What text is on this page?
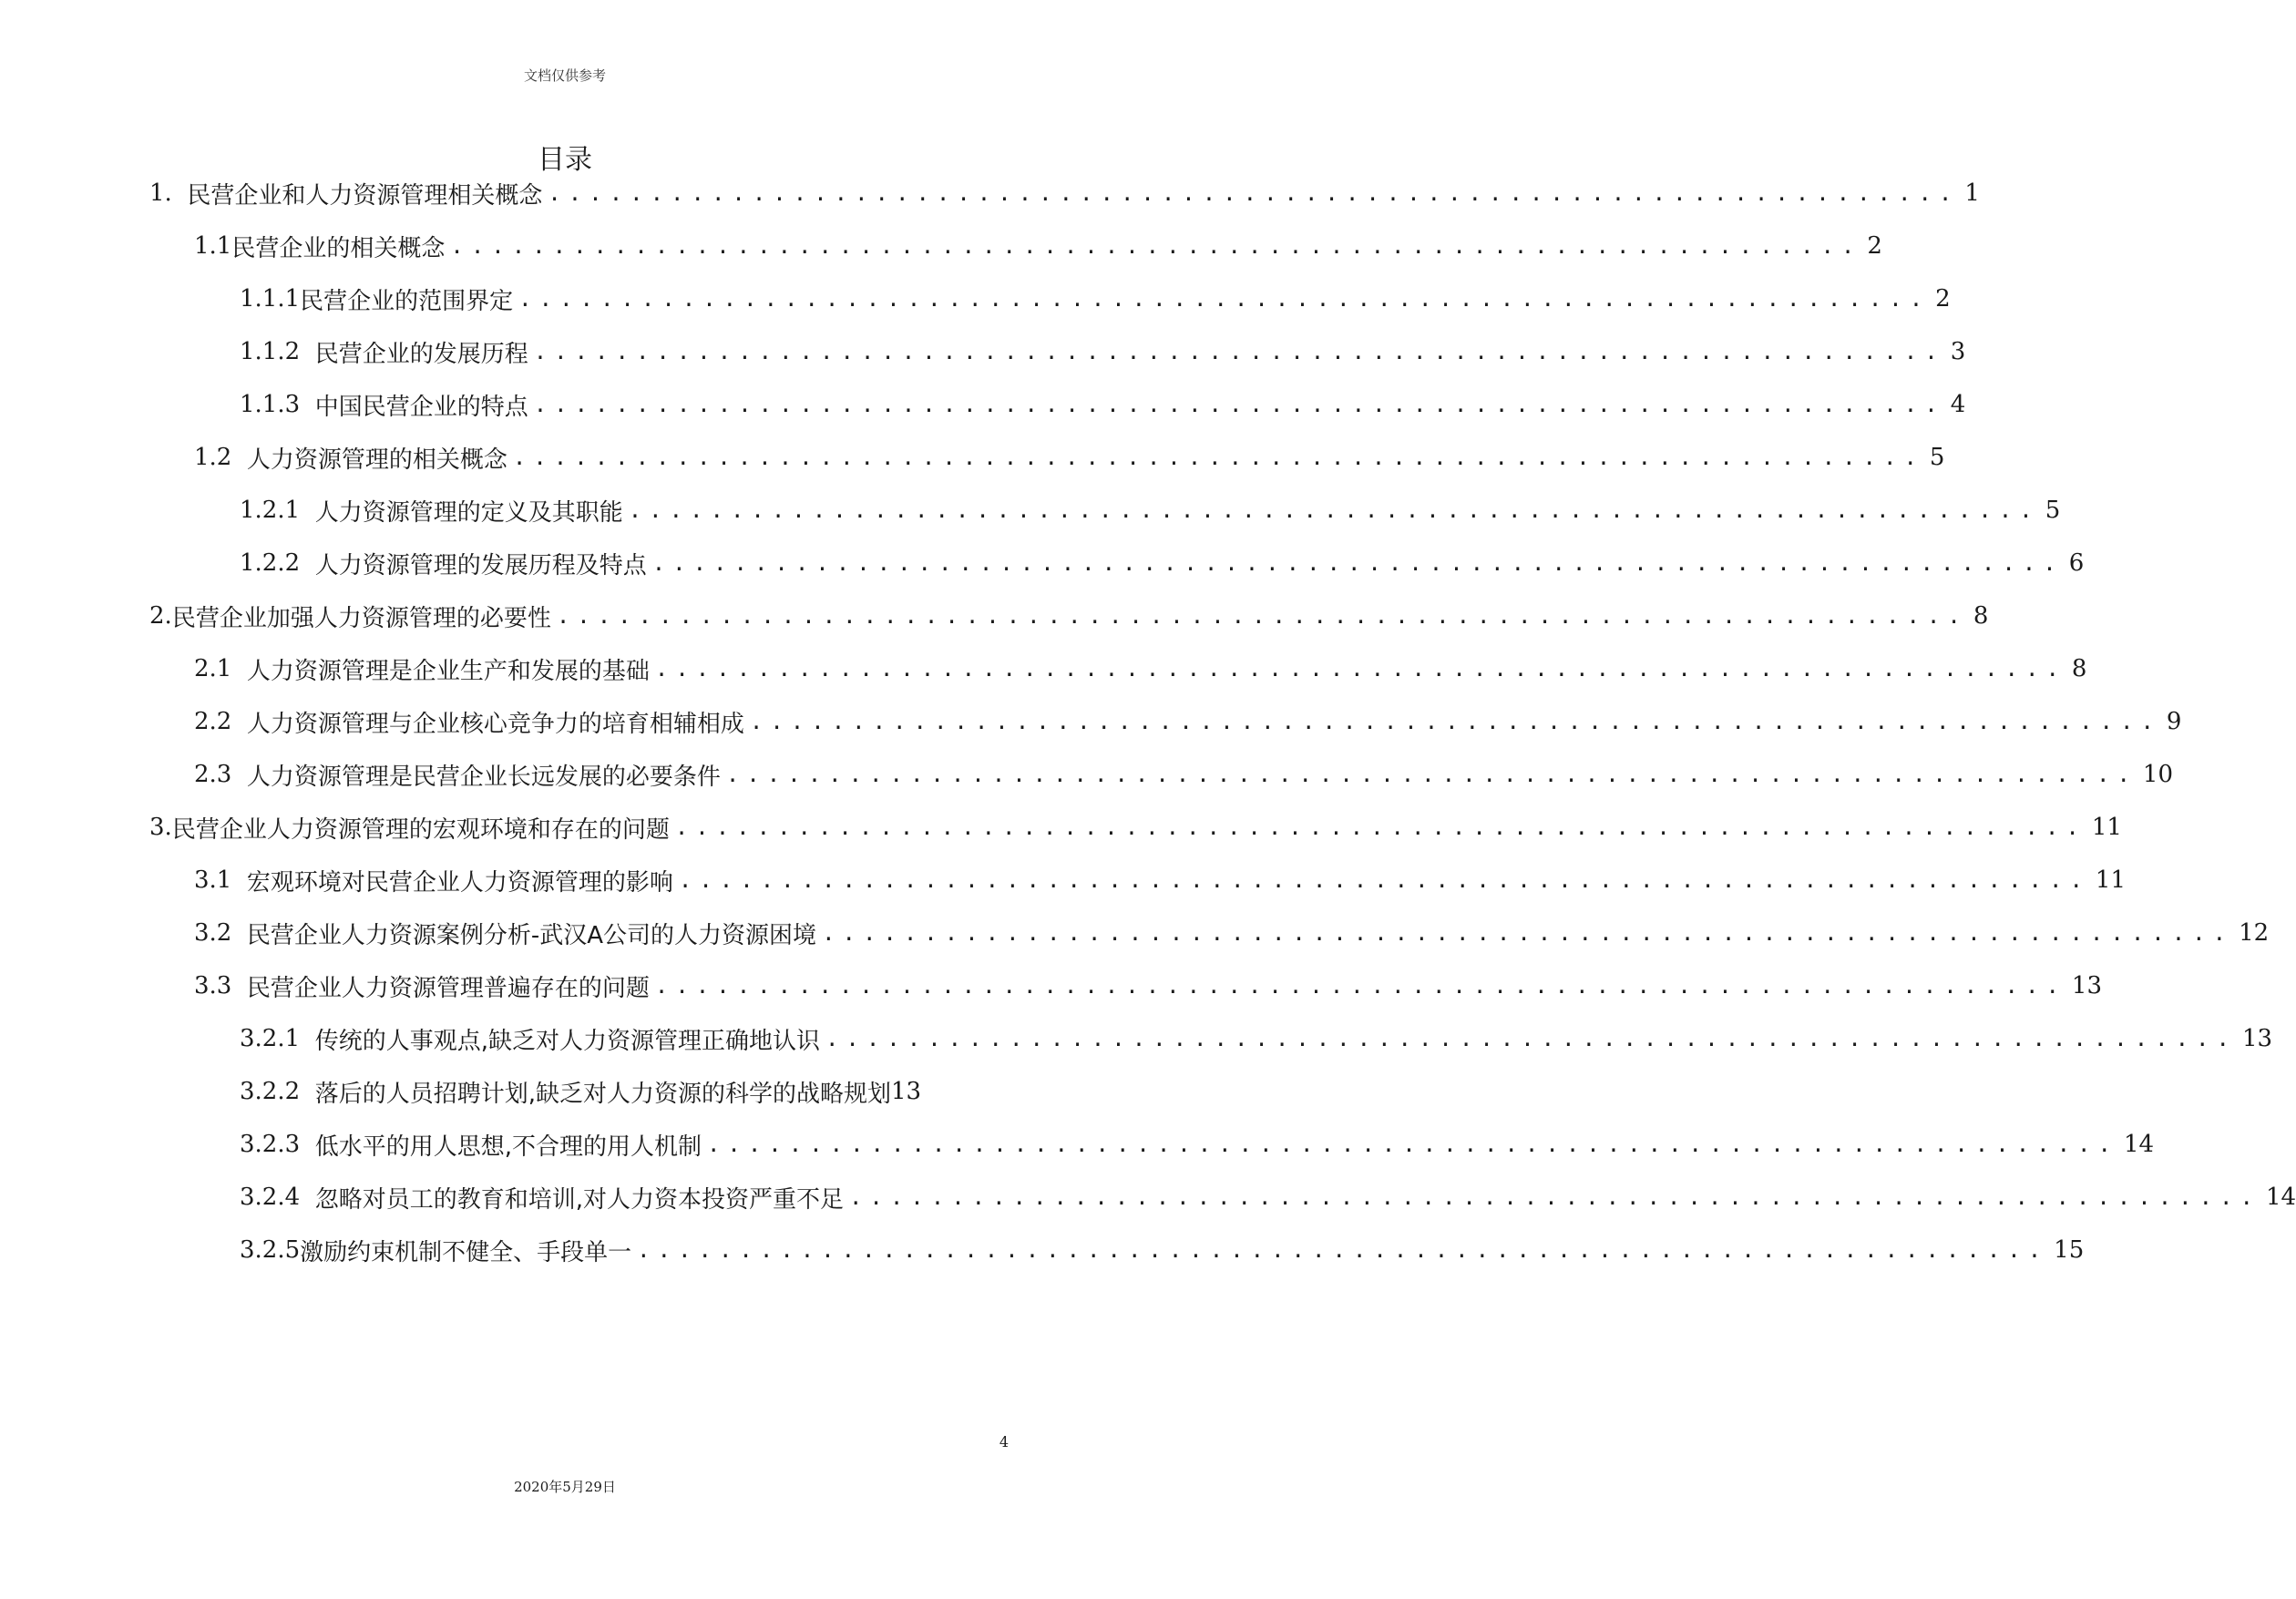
文档仅供参考
目录
1.
民营企业和人力资源管理相关概念 ..................................................................... 1
1.1 民营企业的相关概念 ..................................................................... 2
1.1.1 民营企业的范围界定 ..................................................................... 2
1.1.2
民营企业的发展历程 ..................................................................... 3
1.1.3
中国民营企业的特点 ..................................................................... 4
1.2
人力资源管理的相关概念 ..................................................................... 5
1.2.1
人力资源管理的定义及其职能 ..................................................................... 5
1.2.2
人力资源管理的发展历程及特点 ..................................................................... 6
2. 民营企业加强人力资源管理的必要性 ..................................................................... 8
2.1
人力资源管理是企业生产和发展的基础 ..................................................................... 8
2.2
人力资源管理与企业核心竞争力的培育相辅相成 ..................................................................... 9
2.3
人力资源管理是民营企业长远发展的必要条件 ..................................................................... 10
3. 民营企业人力资源管理的宏观环境和存在的问题 ..................................................................... 11
3.1
宏观环境对民营企业人力资源管理的影响 ..................................................................... 11
3.2
民营企业人力资源案例分析-武汉A公司的人力资源困境 ..................................................................... 12
3.3
民营企业人力资源管理普遍存在的问题 ..................................................................... 13
3.2.1
传统的人事观点,缺乏对人力资源管理正确地认识 ..................................................................... 13
3.2.2
落后的人员招聘计划,缺乏对人力资源的科学的战略规划 13
3.2.3
低水平的用人思想,不合理的用人机制 ..................................................................... 14
3.2.4
忽略对员工的教育和培训,对人力资本投资严重不足 ..................................................................... 14
3.2.5 激励约束机制不健全、手段单一 ..................................................................... 15
4
2020年5月29日
